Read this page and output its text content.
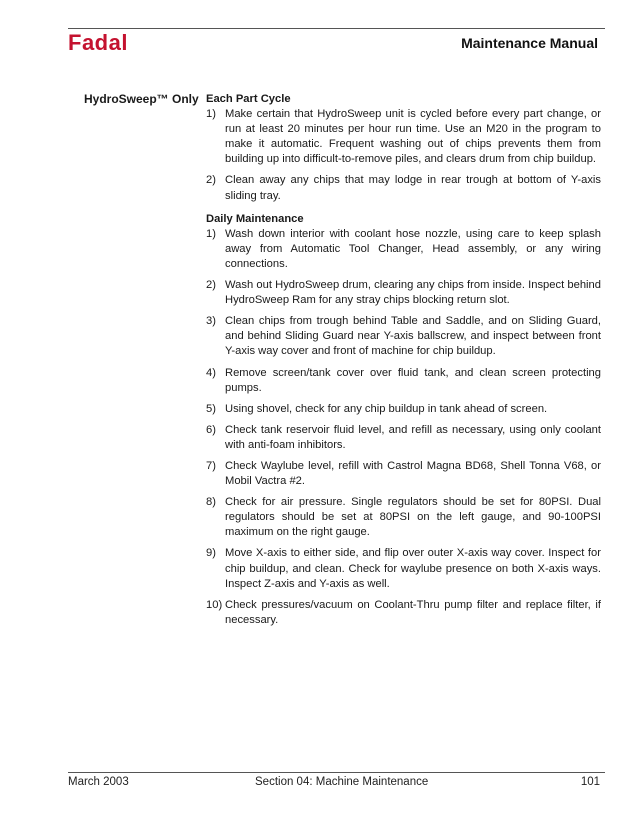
Fadal	Maintenance Manual
HydroSweep™ Only Each Part Cycle

1) Make certain that HydroSweep unit is cycled before every part change, or run at least 20 minutes per hour run time. Use an M20 in the program to make it automatic. Frequent washing out of chips prevents them from building up into difficult-to-remove piles, and clears drum from chip buildup.
2) Clean away any chips that may lodge in rear trough at bottom of Y-axis sliding tray.

Daily Maintenance

1) Wash down interior with coolant hose nozzle, using care to keep splash away from Automatic Tool Changer, Head assembly, or any wiring connections.
2) Wash out HydroSweep drum, clearing any chips from inside. Inspect behind HydroSweep Ram for any stray chips blocking return slot.
3) Clean chips from trough behind Table and Saddle, and on Sliding Guard, and behind Sliding Guard near Y-axis ballscrew, and inspect between front Y-axis way cover and front of machine for chip buildup.
4) Remove screen/tank cover over fluid tank, and clean screen protecting pumps.
5) Using shovel, check for any chip buildup in tank ahead of screen.
6) Check tank reservoir fluid level, and refill as necessary, using only coolant with anti-foam inhibitors.
7) Check Waylube level, refill with Castrol Magna BD68, Shell Tonna V68, or Mobil Vactra #2.
8) Check for air pressure. Single regulators should be set for 80PSI. Dual regulators should be set at 80PSI on the left gauge, and 90-100PSI maximum on the right gauge.
9) Move X-axis to either side, and flip over outer X-axis way cover. Inspect for chip buildup, and clean. Check for waylube presence on both X-axis ways. Inspect Z-axis and Y-axis as well.
10) Check pressures/vacuum on Coolant-Thru pump filter and replace filter, if necessary.
March 2003	Section 04: Machine Maintenance	101
